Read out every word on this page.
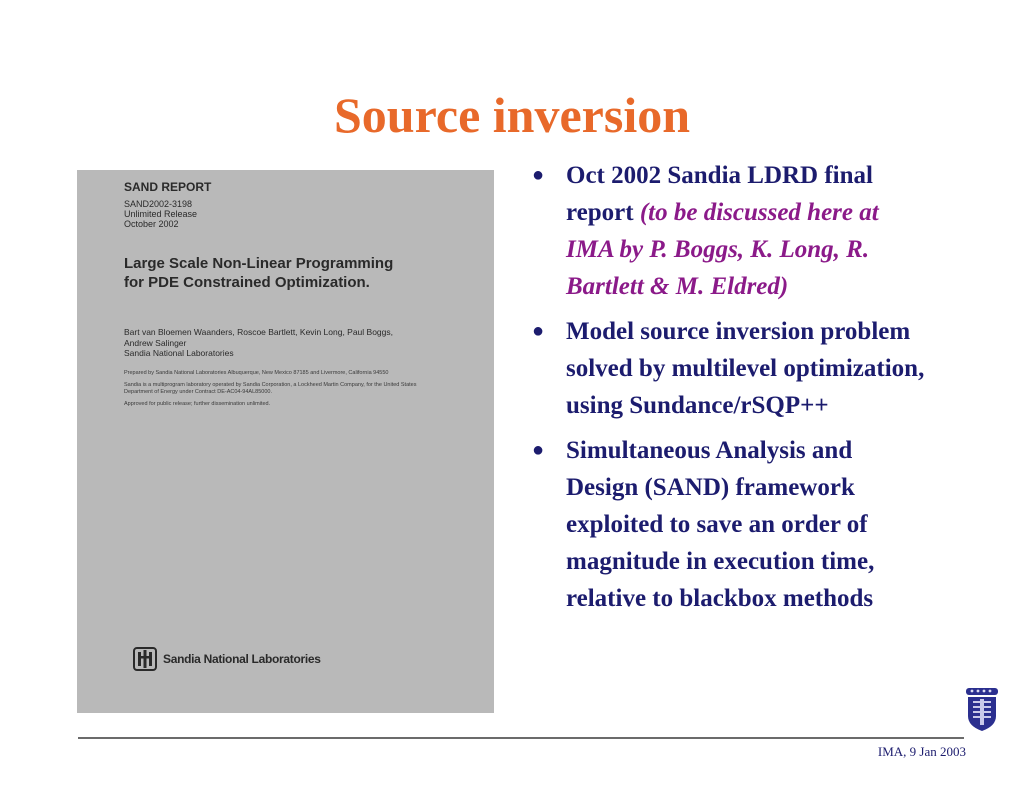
Source inversion
SAND REPORT
SAND2002-3198
Unlimited Release
October 2002
Large Scale Non-Linear Programming
for PDE Constrained Optimization.
Bart van Bloemen Waanders, Roscoe Bartlett, Kevin Long, Paul Boggs,
Andrew Salinger
Sandia National Laboratories

Prepared by Sandia National Laboratories Albuquerque, New Mexico 87185 and Livermore, California 94550

Sandia is a multiprogram laboratory operated by Sandia Corporation, a Lockheed Martin Company, for the United States Department of Energy under Contract DE-AC04-94AL85000.

Approved for public release; further dissemination unlimited.

Sandia National Laboratories
● Oct 2002 Sandia LDRD final report (to be discussed here at IMA by P. Boggs, K. Long, R. Bartlett & M. Eldred)
● Model source inversion problem solved by multilevel optimization, using Sundance/rSQP++
● Simultaneous Analysis and Design (SAND) framework exploited to save an order of magnitude in execution time, relative to blackbox methods
IMA, 9 Jan 2003
